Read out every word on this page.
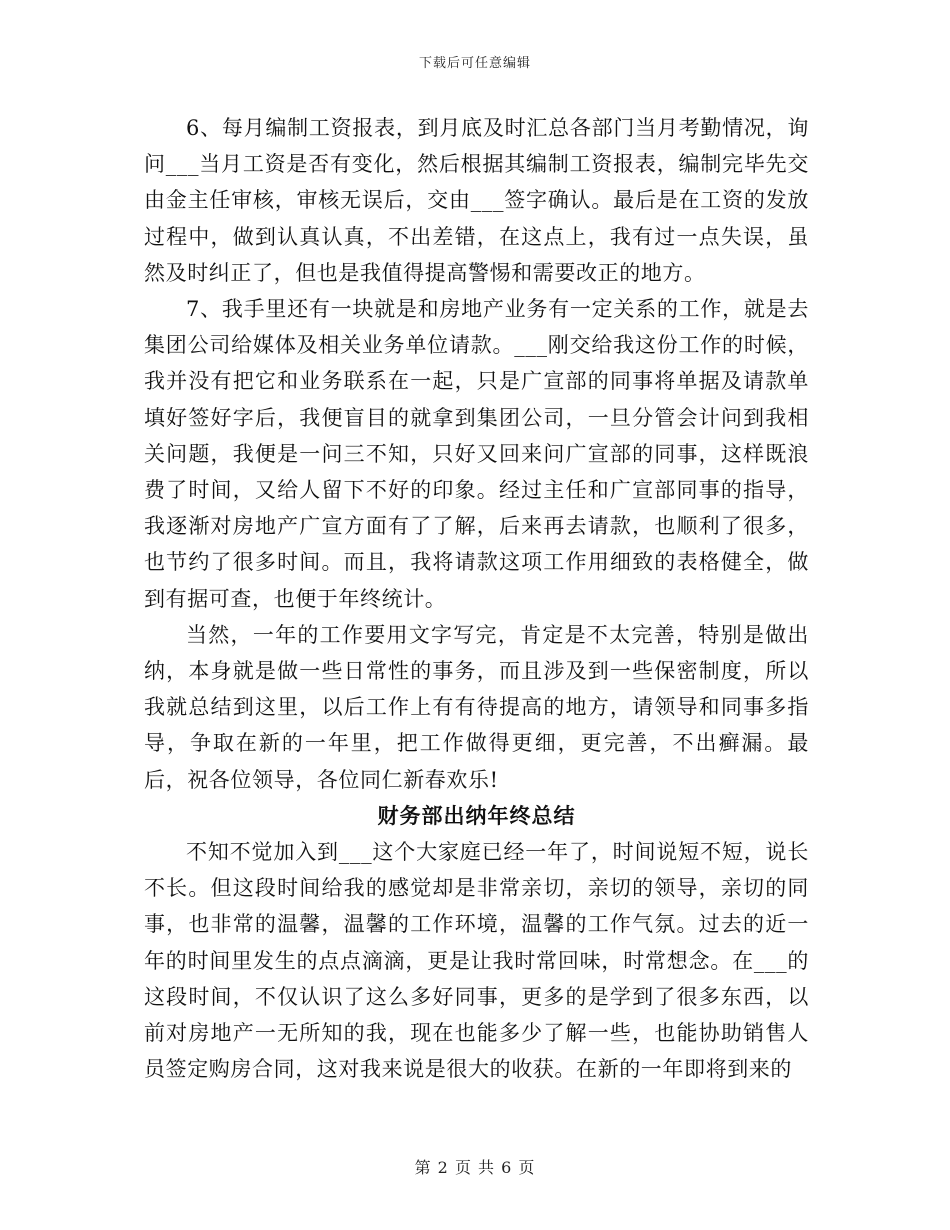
下载后可任意编辑

6、每月编制工资报表，到月底及时汇总各部门当月考勤情况，询问___当月工资是否有变化，然后根据其编制工资报表，编制完毕先交由金主任审核，审核无误后，交由___签字确认。最后是在工资的发放过程中，做到认真认真，不出差错，在这点上，我有过一点失误，虽然及时纠正了，但也是我值得提高警惕和需要改正的地方。

7、我手里还有一块就是和房地产业务有一定关系的工作，就是去集团公司给媒体及相关业务单位请款。___刚交给我这份工作的时候，我并没有把它和业务联系在一起，只是广宣部的同事将单据及请款单填好签好字后，我便盲目的就拿到集团公司，一旦分管会计问到我相关问题，我便是一问三不知，只好又回来问广宣部的同事，这样既浪费了时间，又给人留下不好的印象。经过主任和广宣部同事的指导，我逐渐对房地产广宣方面有了了解，后来再去请款，也顺利了很多，也节约了很多时间。而且，我将请款这项工作用细致的表格健全，做到有据可查，也便于年终统计。

当然，一年的工作要用文字写完，肯定是不太完善，特别是做出纳，本身就是做一些日常性的事务，而且涉及到一些保密制度，所以我就总结到这里，以后工作上有有待提高的地方，请领导和同事多指导，争取在新的一年里，把工作做得更细，更完善，不出癣漏。最后，祝各位领导，各位同仁新春欢乐!

财务部出纳年终总结

不知不觉加入到___这个大家庭已经一年了，时间说短不短，说长不长。但这段时间给我的感觉却是非常亲切，亲切的领导，亲切的同事，也非常的温馨，温馨的工作环境，温馨的工作气氛。过去的近一年的时间里发生的点点滴滴，更是让我时常回味，时常想念。在___的这段时间，不仅认识了这么多好同事，更多的是学到了很多东西，以前对房地产一无所知的我，现在也能多少了解一些，也能协助销售人员签定购房合同，这对我来说是很大的收获。在新的一年即将到来的

第 2 页 共 6 页
